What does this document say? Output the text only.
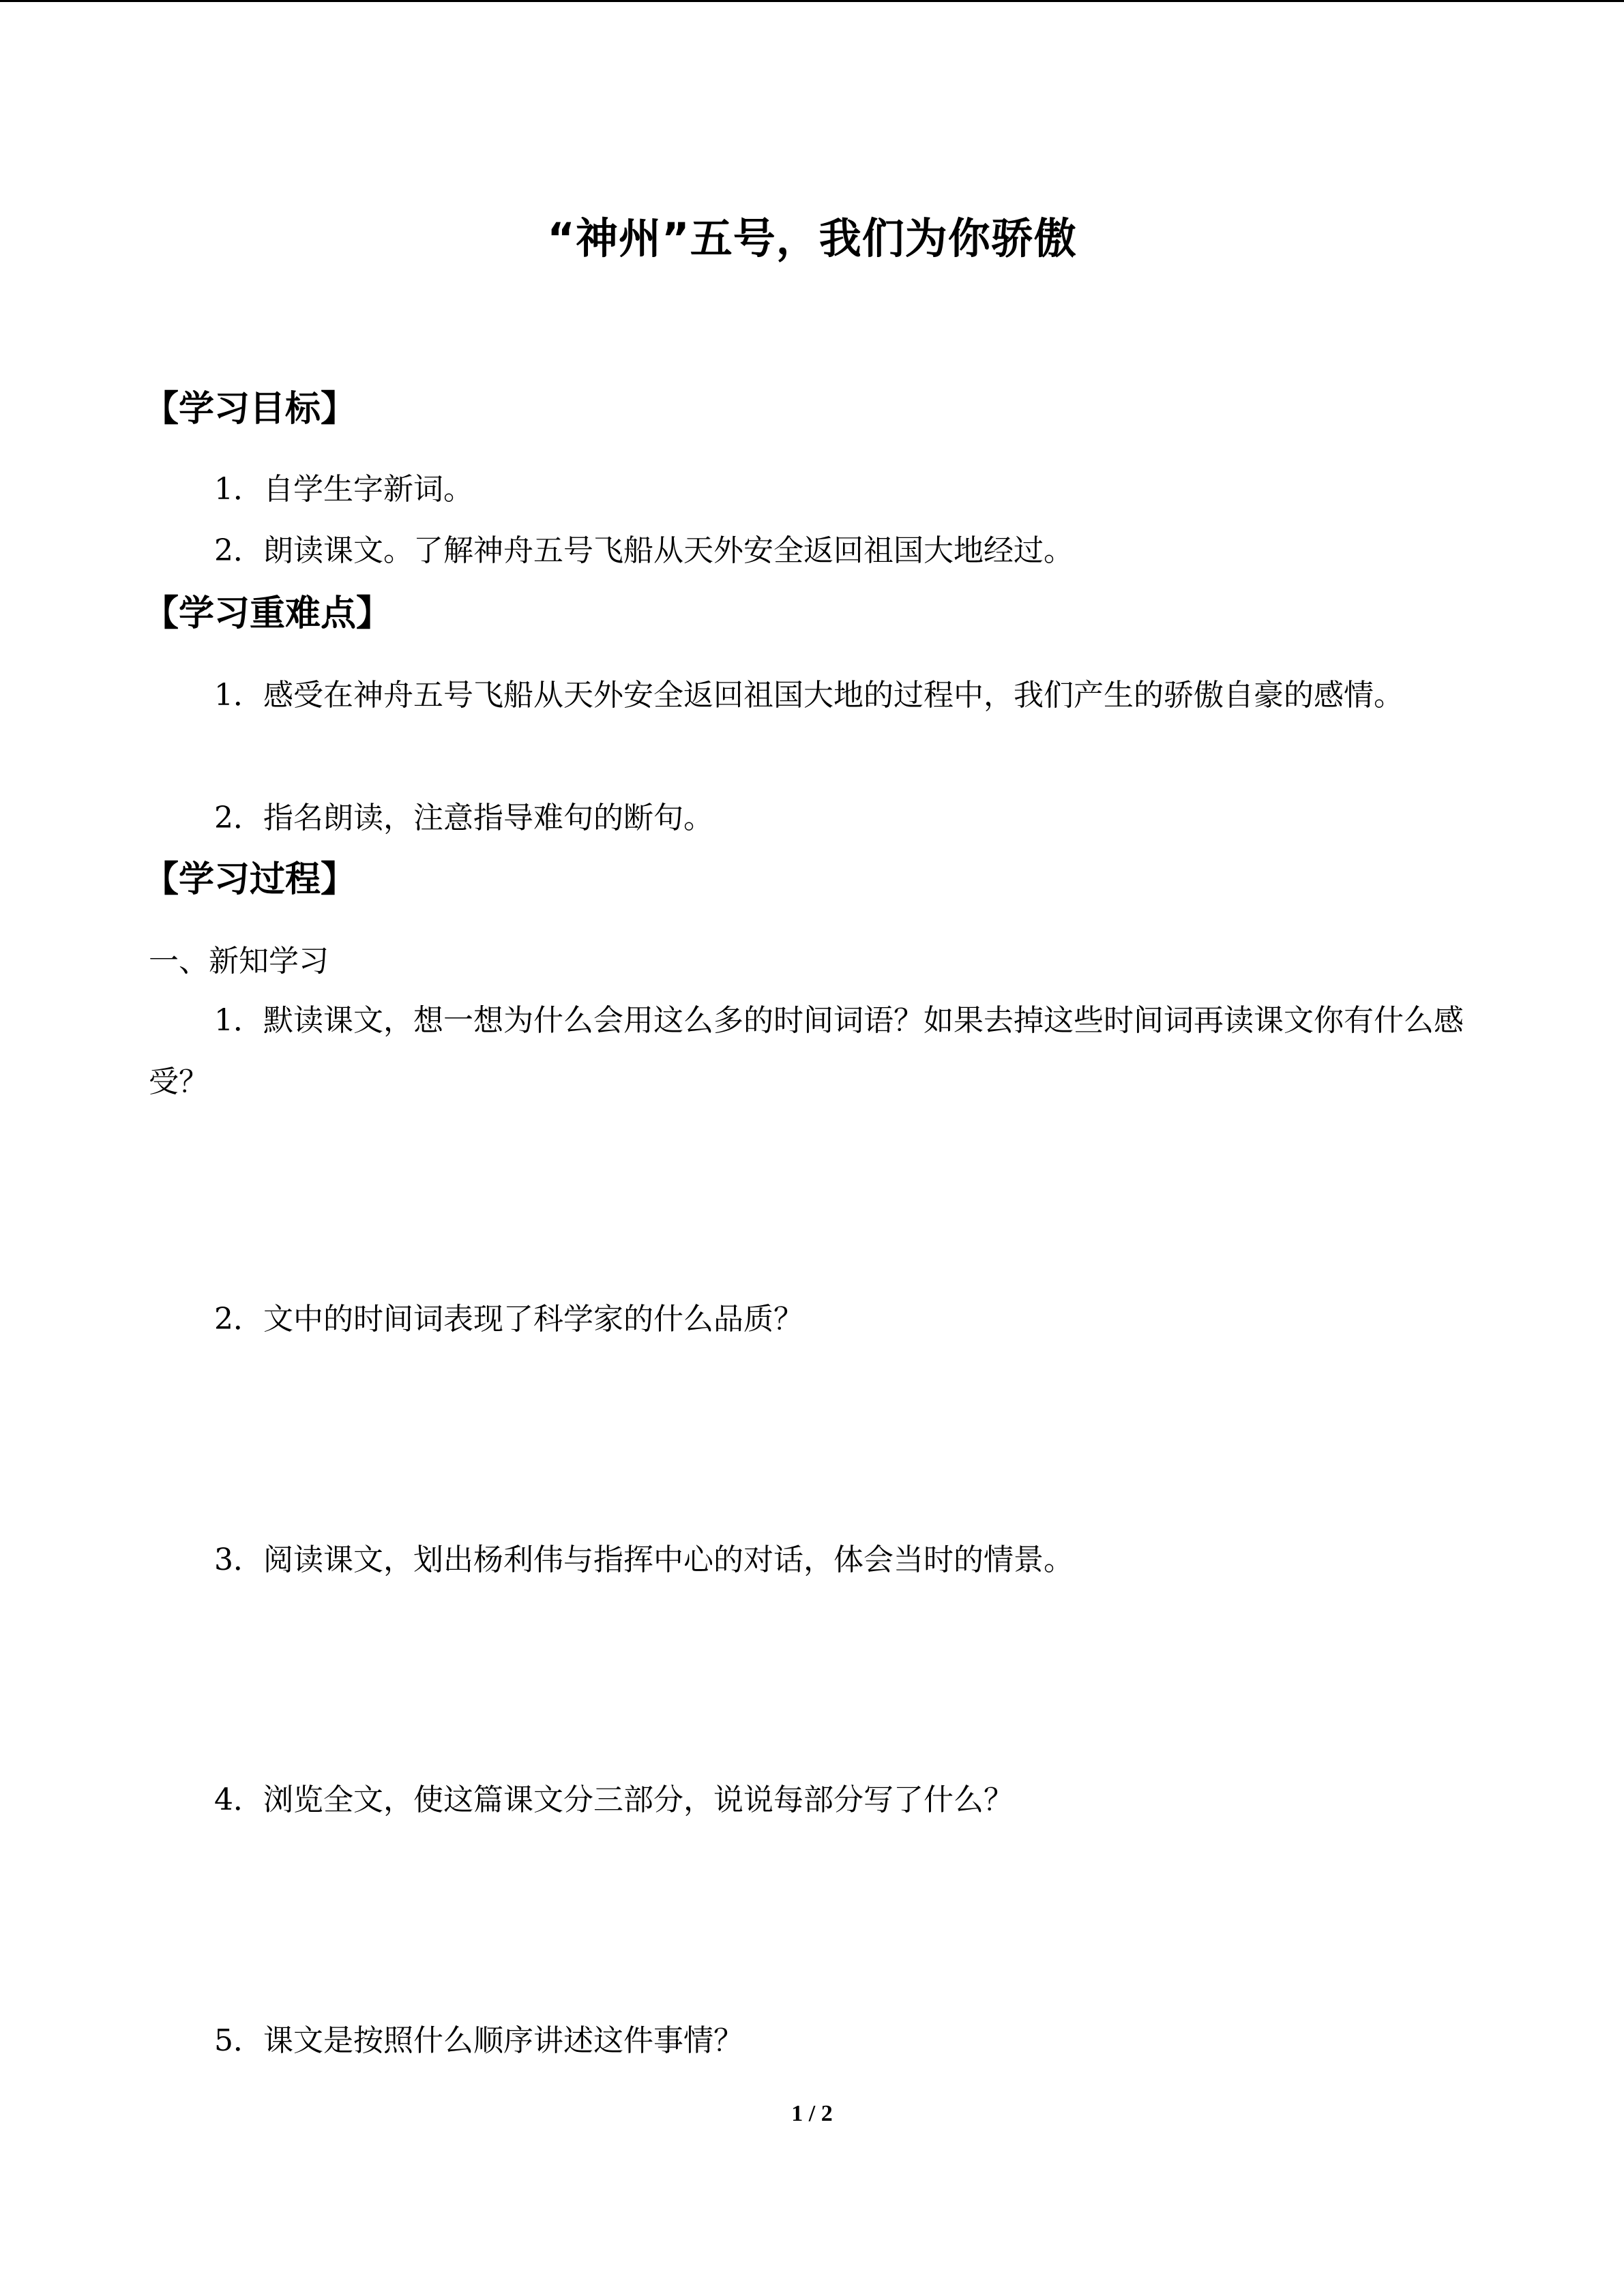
“神州”五号，我们为你骄傲
【学习目标】
1．自学生字新词。
2．朗读课文。了解神舟五号飞船从天外安全返回祖国大地经过。
【学习重难点】
1．感受在神舟五号飞船从天外安全返回祖国大地的过程中，我们产生的骄傲自豪的感情。
2．指名朗读，注意指导难句的断句。
【学习过程】
一、新知学习
1．默读课文，想一想为什么会用这么多的时间词语？如果去掉这些时间词再读课文你有什么感受？
2．文中的时间词表现了科学家的什么品质？
3．阅读课文，划出杨利伟与指挥中心的对话，体会当时的情景。
4．浏览全文，使这篇课文分三部分，说说每部分写了什么？
5．课文是按照什么顺序讲述这件事情？
1 / 2
